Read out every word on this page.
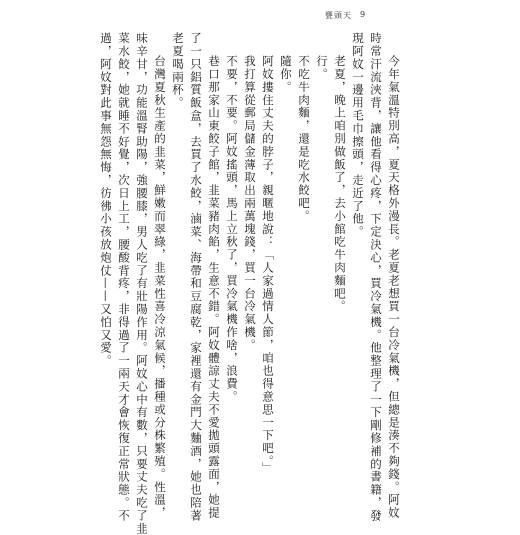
甕頭天 9

今年氣溫特別高，夏天格外漫長。老夏老想買一台冷氣機，但總是湊不夠錢。阿妏

時常汗流浹背，讓他看得心疼，下定決心，買冷氣機。他整理了一下剛修補的書籍，發

現阿妏一邊用毛巾擦頭，走近了他。

老夏，晚上咱別做飯了，去小館吃牛肉麵吧。

行。

不吃牛肉麵，還是吃水餃吧。

隨你。

阿妏摟住丈夫的脖子，親暱地說：「人家過情人節，咱也得意思一下吧。」

我打算從郵局儲金薄取出兩萬塊錢，買一台冷氣機。

不要，不要。阿妏搖頭，馬上立秋了，買冷氣機作啥，浪費。

巷口那家山東餃子館，韭菜豬肉餡，生意不錯。阿妏體諒丈夫不愛拋頭露面，她提

了一只鋁質飯盒，去買了水餃，滷菜、海帶和豆腐乾，家裡還有金門大麯酒，她也陪著

老夏喝兩杯。

台灣夏秋生產的韭菜，鮮嫩而翠綠，韭菜性喜冷涼氣候，播種或分株繁殖。性溫，

味辛甘，功能溫腎助陽，強腰膝，男人吃了有壯陽作用。阿妏心中有數，只要丈夫吃了韭

菜水餃，她就睡不好覺，次日上工，腰酸背疼，非得過了一兩天才會恢復正常狀態。不

過，阿妏對此事無怨無悔，彷彿小孩放炮仗——又怕又愛。
